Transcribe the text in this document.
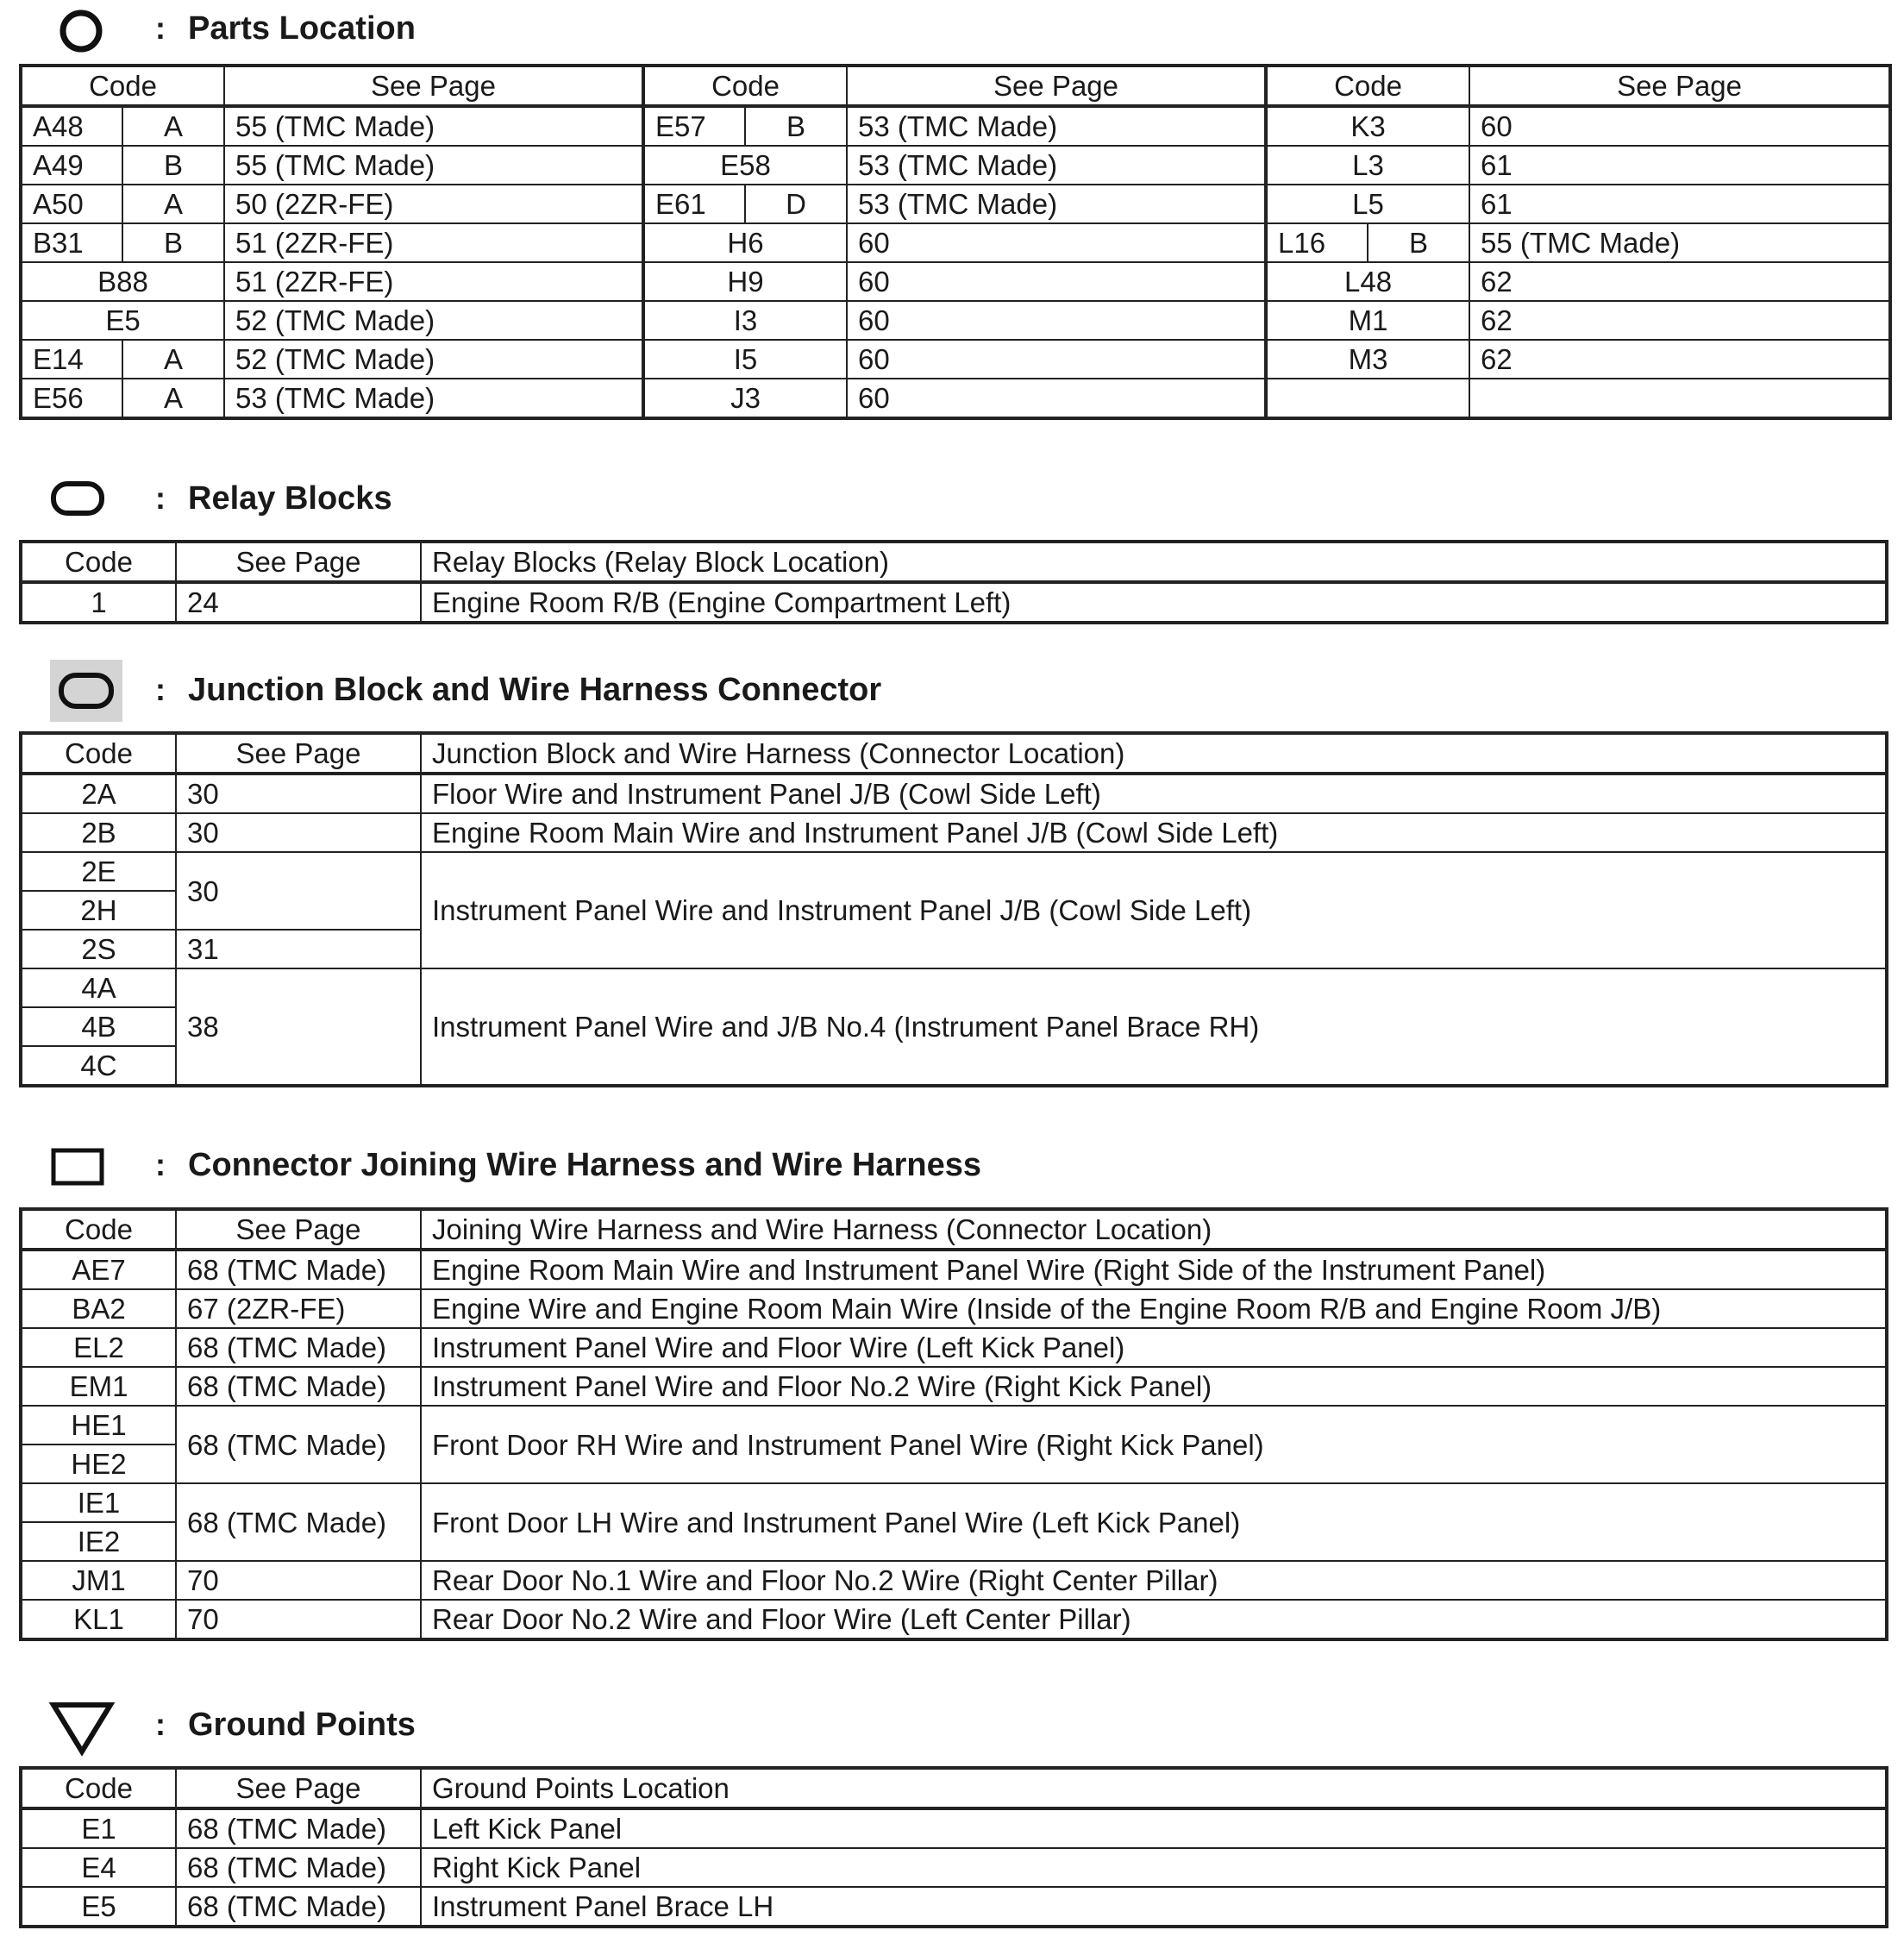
: Parts Location
Code		See Page	Code		See Page	Code		See Page
A48	A	55 (TMC Made)	E57	B	53 (TMC Made)	K3		60
A49	B	55 (TMC Made)	E58		53 (TMC Made)	L3		61
A50	A	50 (2ZR-FE)	E61	D	53 (TMC Made)	L5		61
B31	B	51 (2ZR-FE)	H6		60	L16	B	55 (TMC Made)
B88		51 (2ZR-FE)	H9		60	L48		62
E5		52 (TMC Made)	I3		60	M1		62
E14	A	52 (TMC Made)	I5		60	M3		62
E56	A	53 (TMC Made)	J3		60			
: Relay Blocks
Code	See Page	Relay Blocks (Relay Block Location)
1	24	Engine Room R/B (Engine Compartment Left)
: Junction Block and Wire Harness Connector
Code	See Page	Junction Block and Wire Harness (Connector Location)
2A	30	Floor Wire and Instrument Panel J/B (Cowl Side Left)
2B	30	Engine Room Main Wire and Instrument Panel J/B (Cowl Side Left)
2E	30	Instrument Panel Wire and Instrument Panel J/B (Cowl Side Left)
2H		
2S	31	
4A	38	Instrument Panel Wire and J/B No.4 (Instrument Panel Brace RH)
4B		
4C		
: Connector Joining Wire Harness and Wire Harness
Code	See Page	Joining Wire Harness and Wire Harness (Connector Location)
AE7	68 (TMC Made)	Engine Room Main Wire and Instrument Panel Wire (Right Side of the Instrument Panel)
BA2	67 (2ZR-FE)	Engine Wire and Engine Room Main Wire (Inside of the Engine Room R/B and Engine Room J/B)
EL2	68 (TMC Made)	Instrument Panel Wire and Floor Wire (Left Kick Panel)
EM1	68 (TMC Made)	Instrument Panel Wire and Floor No.2 Wire (Right Kick Panel)
HE1	68 (TMC Made)	Front Door RH Wire and Instrument Panel Wire (Right Kick Panel)
HE2		
IE1	68 (TMC Made)	Front Door LH Wire and Instrument Panel Wire (Left Kick Panel)
IE2		
JM1	70	Rear Door No.1 Wire and Floor No.2 Wire (Right Center Pillar)
KL1	70	Rear Door No.2 Wire and Floor Wire (Left Center Pillar)
: Ground Points
Code	See Page	Ground Points Location
E1	68 (TMC Made)	Left Kick Panel
E4	68 (TMC Made)	Right Kick Panel
E5	68 (TMC Made)	Instrument Panel Brace LH
